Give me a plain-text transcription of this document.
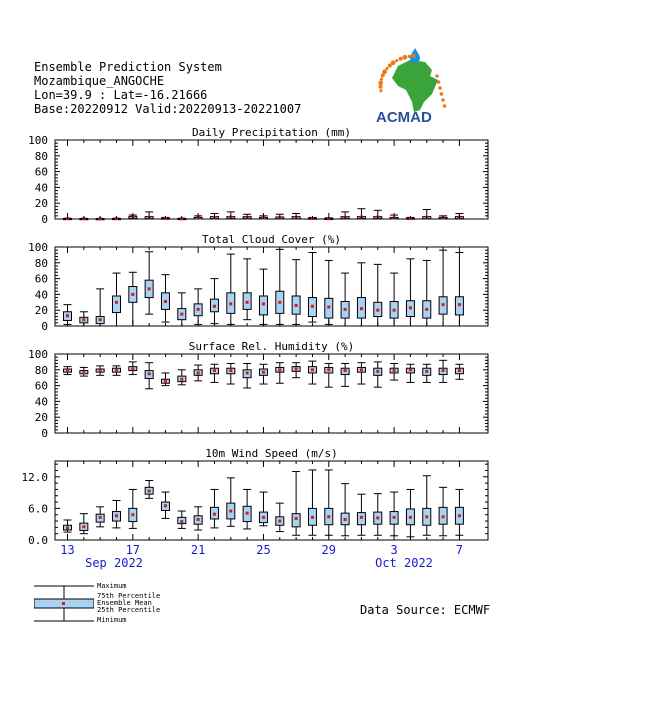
Ensemble Prediction System
Mozambique_ANGOCHE
Lon=39.9 : Lat=-16.21666
Base:20220912 Valid:20220913-20221007	ACMAD
Daily Precipitation (mm)
0
20
40
60
80
100
Total Cloud Cover (%)
0
20
40
60
80
100
Surface Rel. Humidity (%)
0
20
40
60
80
100
10m Wind Speed (m/s)
0.0
6.0
12.0
13	17	21	25	29	3	7
Sep 2022	Oct 2022
Data Source: ECMWF
Maximum
75th Percentile
Ensemble Mean
25th Percentile
Minimum
